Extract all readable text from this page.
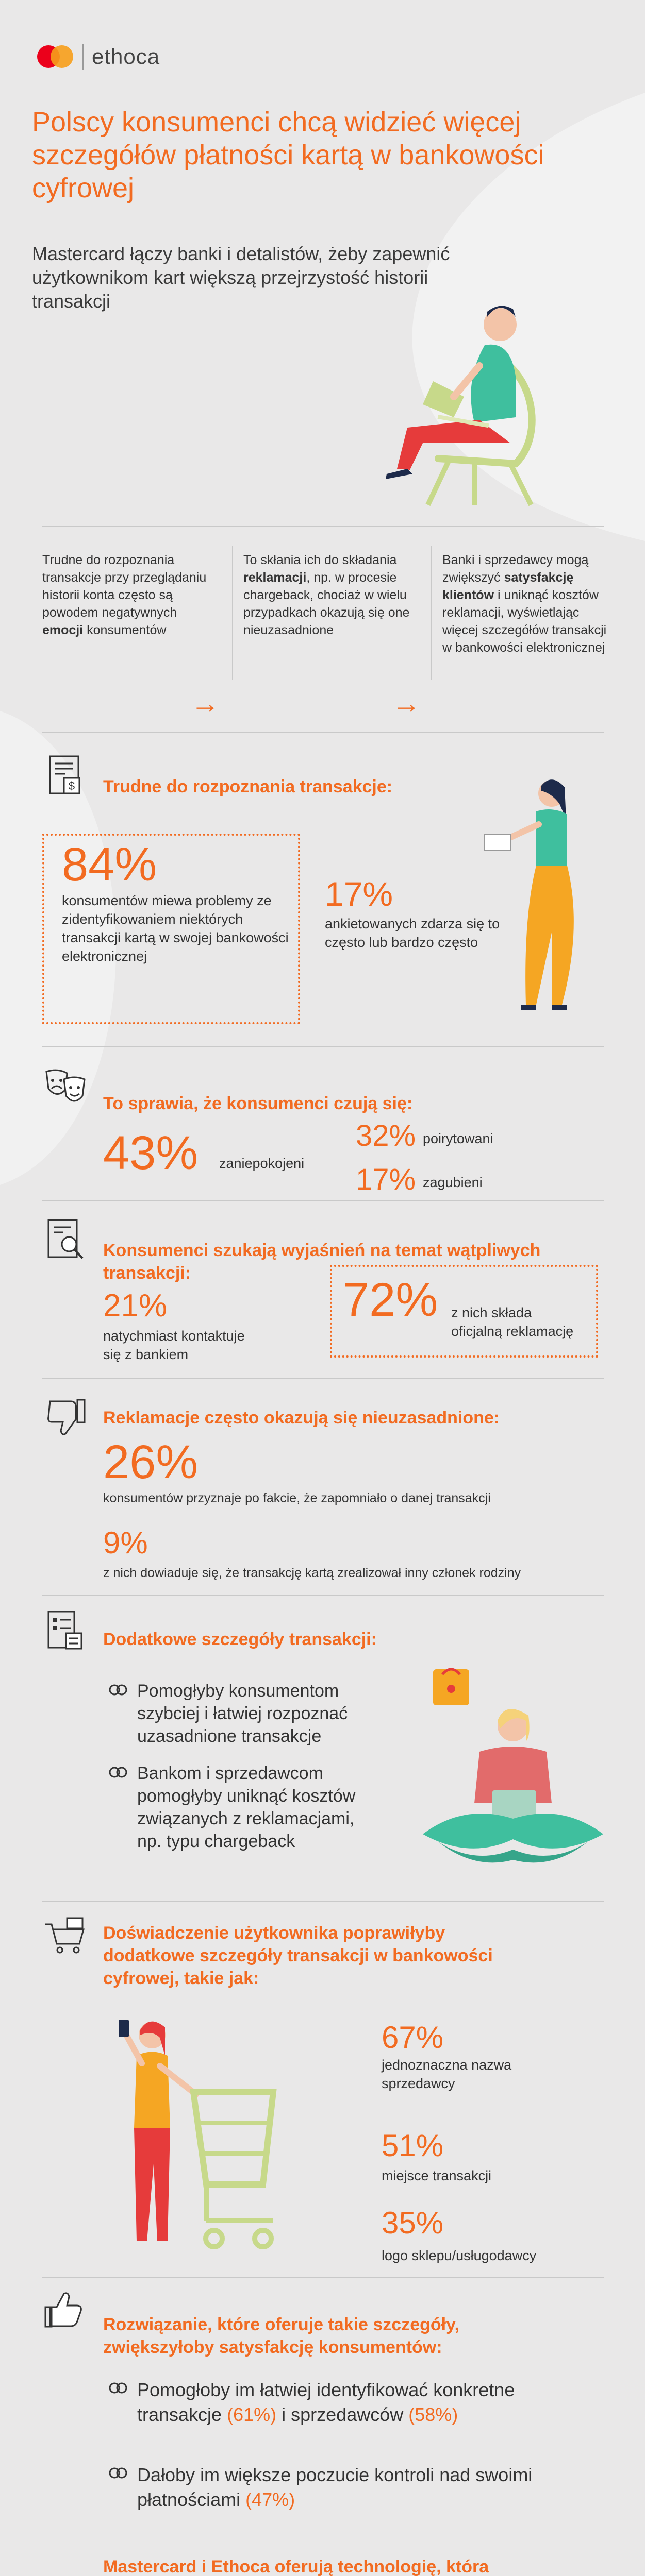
ethoca
Polscy konsumenci chcą widzieć więcej szczegółów płatności kartą w bankowości cyfrowej

Mastercard łączy banki i detalistów, żeby zapewnić użytkownikom kart większą przejrzystość historii transakcji

Trudne do rozpoznania transakcje przy przeglądaniu historii konta często są powodem negatywnych emocji konsumentów

To skłania ich do składania reklamacji, np. w procesie chargeback, chociaż w wielu przypadkach okazują się one nieuzasadnione

Banki i sprzedawcy mogą zwiększyć satysfakcję klientów i uniknąć kosztów reklamacji, wyświetlając więcej szczegółów transakcji w bankowości elektronicznej

→	→
$ Trudne do rozpoznania transakcje:
84%

konsumentów miewa problemy ze zidentyfikowaniem niektórych transakcji kartą w swojej bankowości elektronicznej

17%

ankietowanych zdarza się to często lub bardzo często

To sprawia, że konsumenci czują się:
43% zaniepokojeni

32% poirytowani

17% zagubieni

Konsumenci szukają wyjaśnień na temat wątpliwych transakcji:
21%

natychmiast kontaktuje się z bankiem

72% z nich składa oficjalną reklamację

Reklamacje często okazują się nieuzasadnione:
26%

konsumentów przyznaje po fakcie, że zapomniało o danej transakcji

9%

z nich dowiaduje się, że transakcję kartą zrealizował inny członek rodziny

Dodatkowe szczegóły transakcji:

Pomogłyby konsumentom szybciej i łatwiej rozpoznać uzasadnione transakcje

Bankom i sprzedawcom pomogłyby uniknąć kosztów związanych z reklamacjami, np. typu chargeback

Doświadczenie użytkownika poprawiłyby dodatkowe szczegóły transakcji w bankowości cyfrowej, takie jak:
67%

jednoznaczna nazwa sprzedawcy

51%

miejsce transakcji

35%

logo sklepu/usługodawcy

Rozwiązanie, które oferuje takie szczegóły, zwiększyłoby satysfakcję konsumentów:

Pomogłoby im łatwiej identyfikować konkretne transakcje (61%) i sprzedawców (58%)

Dałoby im większe poczucie kontroli nad swoimi płatnościami (47%)

Mastercard i Ethoca oferują technologię, która
